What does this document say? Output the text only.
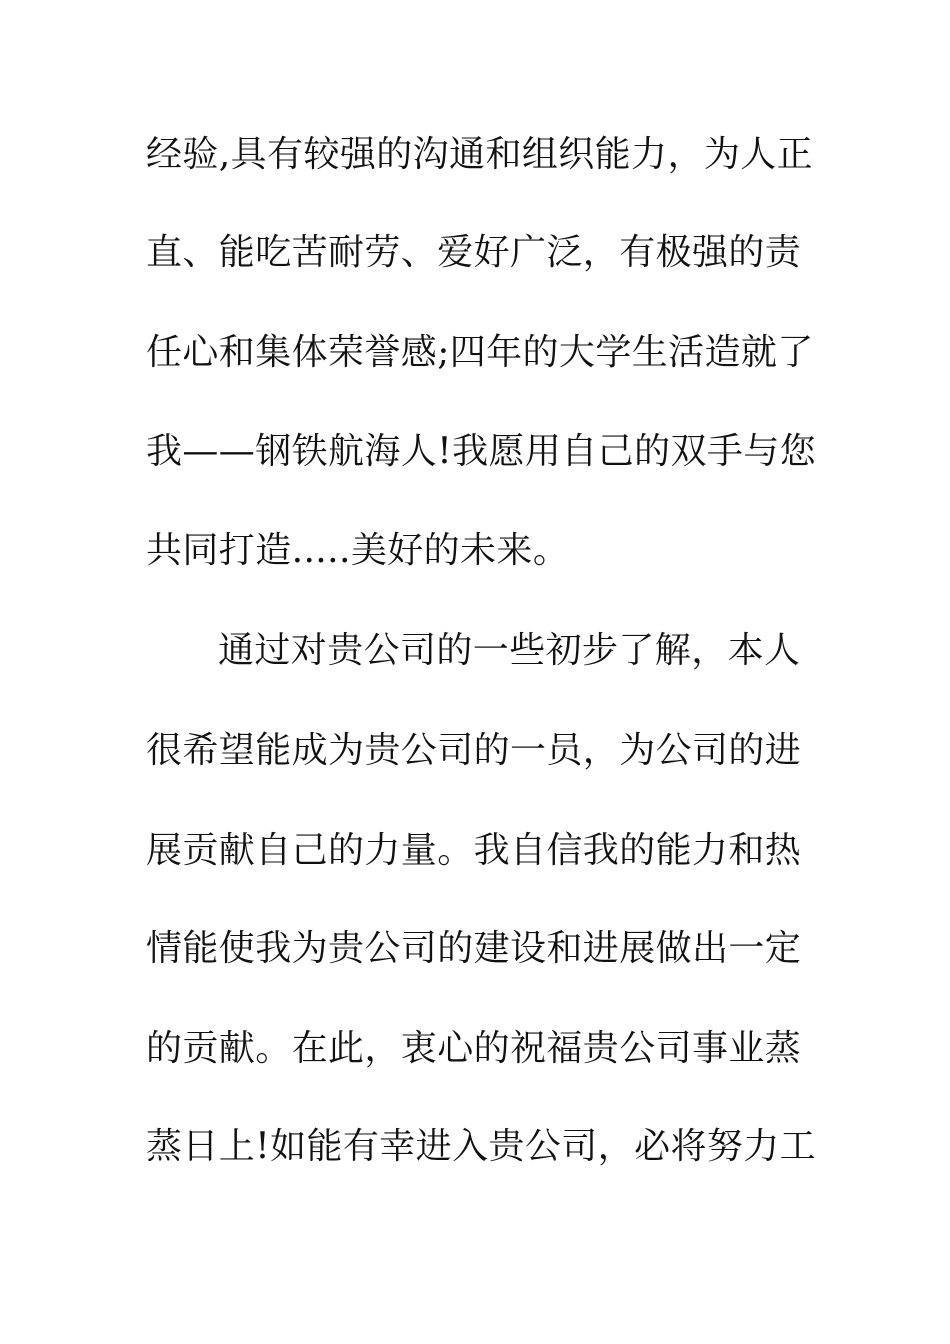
经验,具有较强的沟通和组织能力，为人正
直、能吃苦耐劳、爱好广泛，有极强的责
任心和集体荣誉感;四年的大学生活造就了
我——钢铁航海人!我愿用自己的双手与您
共同打造.....美好的未来。
通过对贵公司的一些初步了解，本人
很希望能成为贵公司的一员，为公司的进
展贡献自己的力量。我自信我的能力和热
情能使我为贵公司的建设和进展做出一定
的贡献。在此，衷心的祝福贵公司事业蒸
蒸日上!如能有幸进入贵公司，必将努力工
